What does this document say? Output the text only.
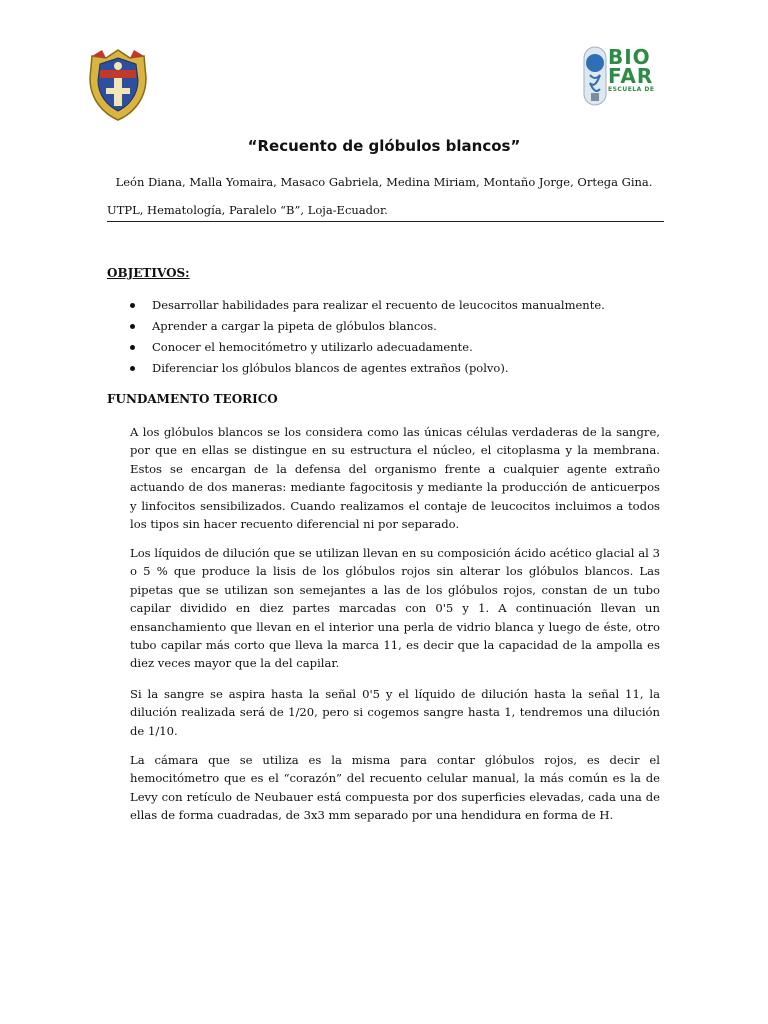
BIO
FAR
ESCUELA DE
“Recuento de glóbulos blancos”
León Diana, Malla Yomaira, Masaco Gabriela, Medina Miriam, Montaño Jorge, Ortega Gina.
UTPL, Hematología, Paralelo “B”, Loja-Ecuador.
OBJETIVOS:
Desarrollar habilidades para realizar el recuento de leucocitos manualmente.
Aprender a cargar la pipeta de glóbulos blancos.
Conocer el hemocitómetro y utilizarlo adecuadamente.
Diferenciar los glóbulos blancos de agentes extraños (polvo).
FUNDAMENTO TEORICO

A los glóbulos blancos se los considera como las únicas células verdaderas de la sangre, por que en ellas se distingue en su estructura el núcleo, el citoplasma y la membrana. Estos se encargan de la defensa del organismo frente a cualquier agente extraño actuando de dos maneras: mediante fagocitosis y mediante la producción de anticuerpos y linfocitos sensibilizados. Cuando realizamos el contaje de leucocitos incluimos a todos los tipos sin hacer recuento diferencial ni por separado.

Los líquidos de dilución que se utilizan llevan en su composición ácido acético glacial al 3 o 5 % que produce la lisis de los glóbulos rojos sin alterar los glóbulos blancos. Las pipetas que se utilizan son semejantes a las de los glóbulos rojos, constan de un tubo capilar dividido en diez partes marcadas con 0'5 y 1. A continuación llevan un ensanchamiento que llevan en el interior una perla de vidrio blanca y luego de éste, otro tubo capilar más corto que lleva la marca 11, es decir que la capacidad de la ampolla es diez veces mayor que la del capilar.

Si la sangre se aspira hasta la señal 0'5 y el líquido de dilución hasta la señal 11, la dilución realizada será de 1/20, pero si cogemos sangre hasta 1, tendremos una dilución de 1/10.

La cámara que se utiliza es la misma para contar glóbulos rojos, es decir el hemocitómetro que es el “corazón” del recuento celular manual, la más común es la de Levy con retículo de Neubauer está compuesta por dos superficies elevadas, cada una de ellas de forma cuadradas, de 3x3 mm separado por una hendidura en forma de H.
